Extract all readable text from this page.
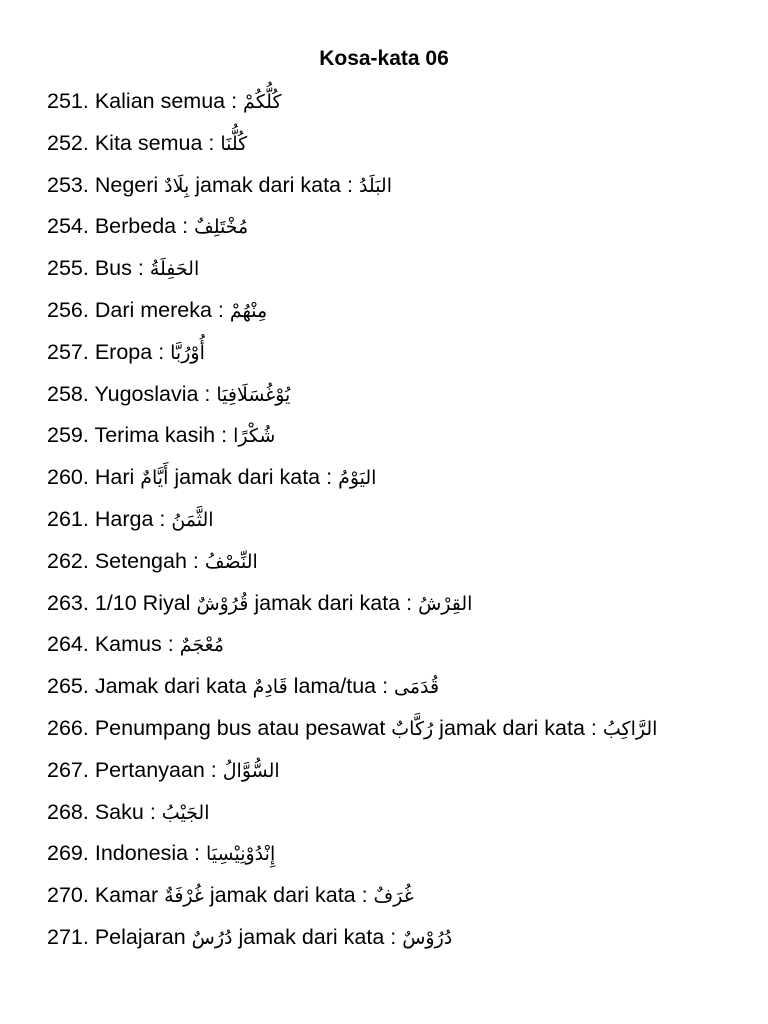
Kosa-kata 06
251. Kalian semua : كُلُّكُمْ
252. Kita semua : كُلُّنَا
253. Negeri بِلَادٌ jamak dari kata : البَلَدُ
254. Berbeda : مُخْتَلِفٌ
255. Bus : الحَفِلَةُ
256. Dari mereka : مِنْهُمْ
257. Eropa : أُوْرُبَّا
258. Yugoslavia : يُوْغُسَلَافِيَا
259. Terima kasih : شُكْرًا
260. Hari أَيَّامٌ jamak dari kata : اليَوْمُ
261. Harga : الثَّمَنُ
262. Setengah : النِّصْفُ
263. 1/10 Riyal قُرُوْشٌ jamak dari kata : القِرْشُ
264. Kamus : مُعْجَمٌ
265. Jamak dari kata قَادِمٌ lama/tua : قُدَمَى
266. Penumpang bus atau pesawat رُكَّابٌ jamak dari kata : الرَّاكِبُ
267. Pertanyaan : السُّوَّالُ
268. Saku : الجَيْبُ
269. Indonesia : إِنْدُوْنِيْسِيَا
270. Kamar غُرْفَةٌ jamak dari kata : غُرَفٌ
271. Pelajaran دُرُسٌ jamak dari kata : دُرُوْسٌ
